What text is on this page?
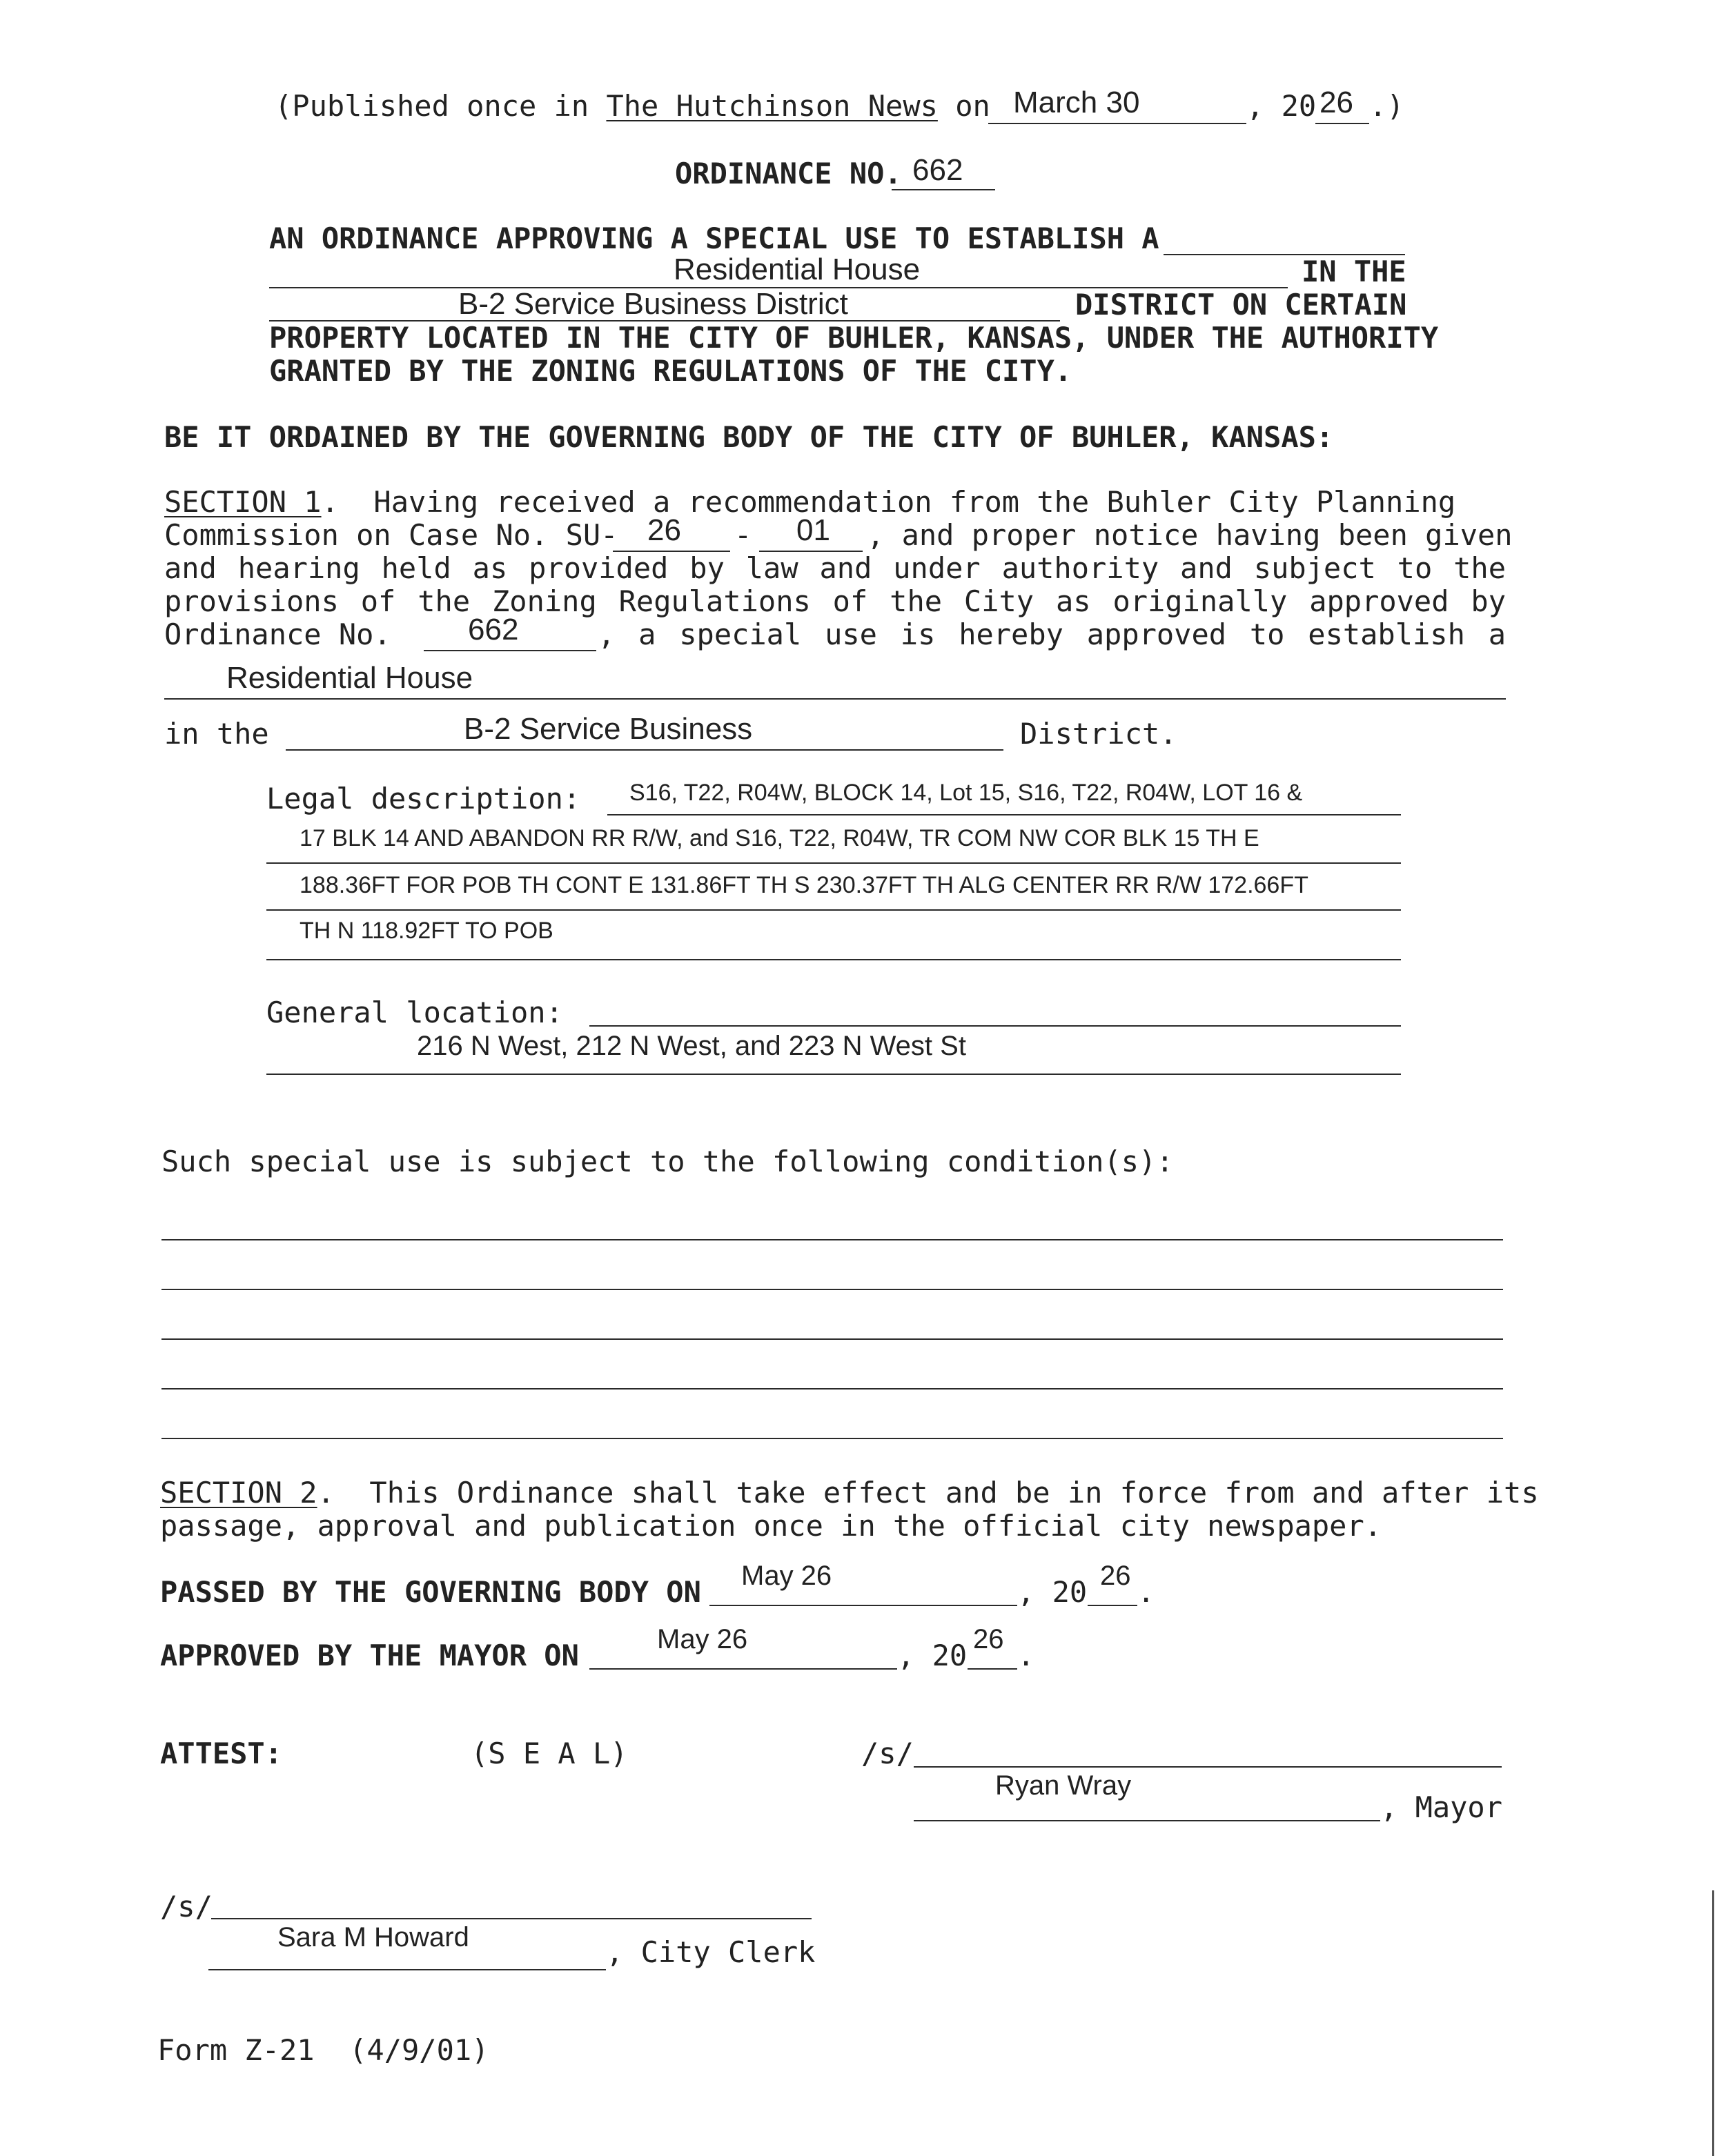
(Published once in The Hutchinson News on March 30	, 20 26 .)
ORDINANCE NO. 662
AN ORDINANCE APPROVING A SPECIAL USE TO ESTABLISH A
Residential House	IN THE
B-2 Service Business District	DISTRICT ON CERTAIN
PROPERTY LOCATED IN THE CITY OF BUHLER, KANSAS, UNDER THE AUTHORITY
GRANTED BY THE ZONING REGULATIONS OF THE CITY.
BE IT ORDAINED BY THE GOVERNING BODY OF THE CITY OF BUHLER, KANSAS:
SECTION 1.  Having received a recommendation from the Buhler City Planning
Commission on Case No. SU- 26 - 01 , and proper notice having been given
and hearing held as provided by law and under authority and subject to the
provisions of the Zoning Regulations of the City as originally approved by
Ordinance No.	662	, a special use is hereby approved to establish a
Residential House
in the	B-2 Service Business	District.
Legal description: S16, T22, R04W, BLOCK 14, Lot 15, S16, T22, R04W, LOT 16 &
17 BLK 14 AND ABANDON RR R/W, and S16, T22, R04W, TR COM NW COR BLK 15 TH E
188.36FT FOR POB TH CONT E 131.86FT TH S 230.37FT TH ALG CENTER RR R/W 172.66FT
TH N 118.92FT TO POB
General location:
216 N West, 212 N West, and 223 N West St
Such special use is subject to the following condition(s):
SECTION 2.  This Ordinance shall take effect and be in force from and after its
passage, approval and publication once in the official city newspaper.
PASSED BY THE GOVERNING BODY ON May 26	, 20 26 .
APPROVED BY THE MAYOR ON	May 26	, 20 26 .
ATTEST:	(S E A L)	/s/
Ryan Wray
, Mayor
/s/
Sara M Howard	, City Clerk
Form Z-21  (4/9/01)
